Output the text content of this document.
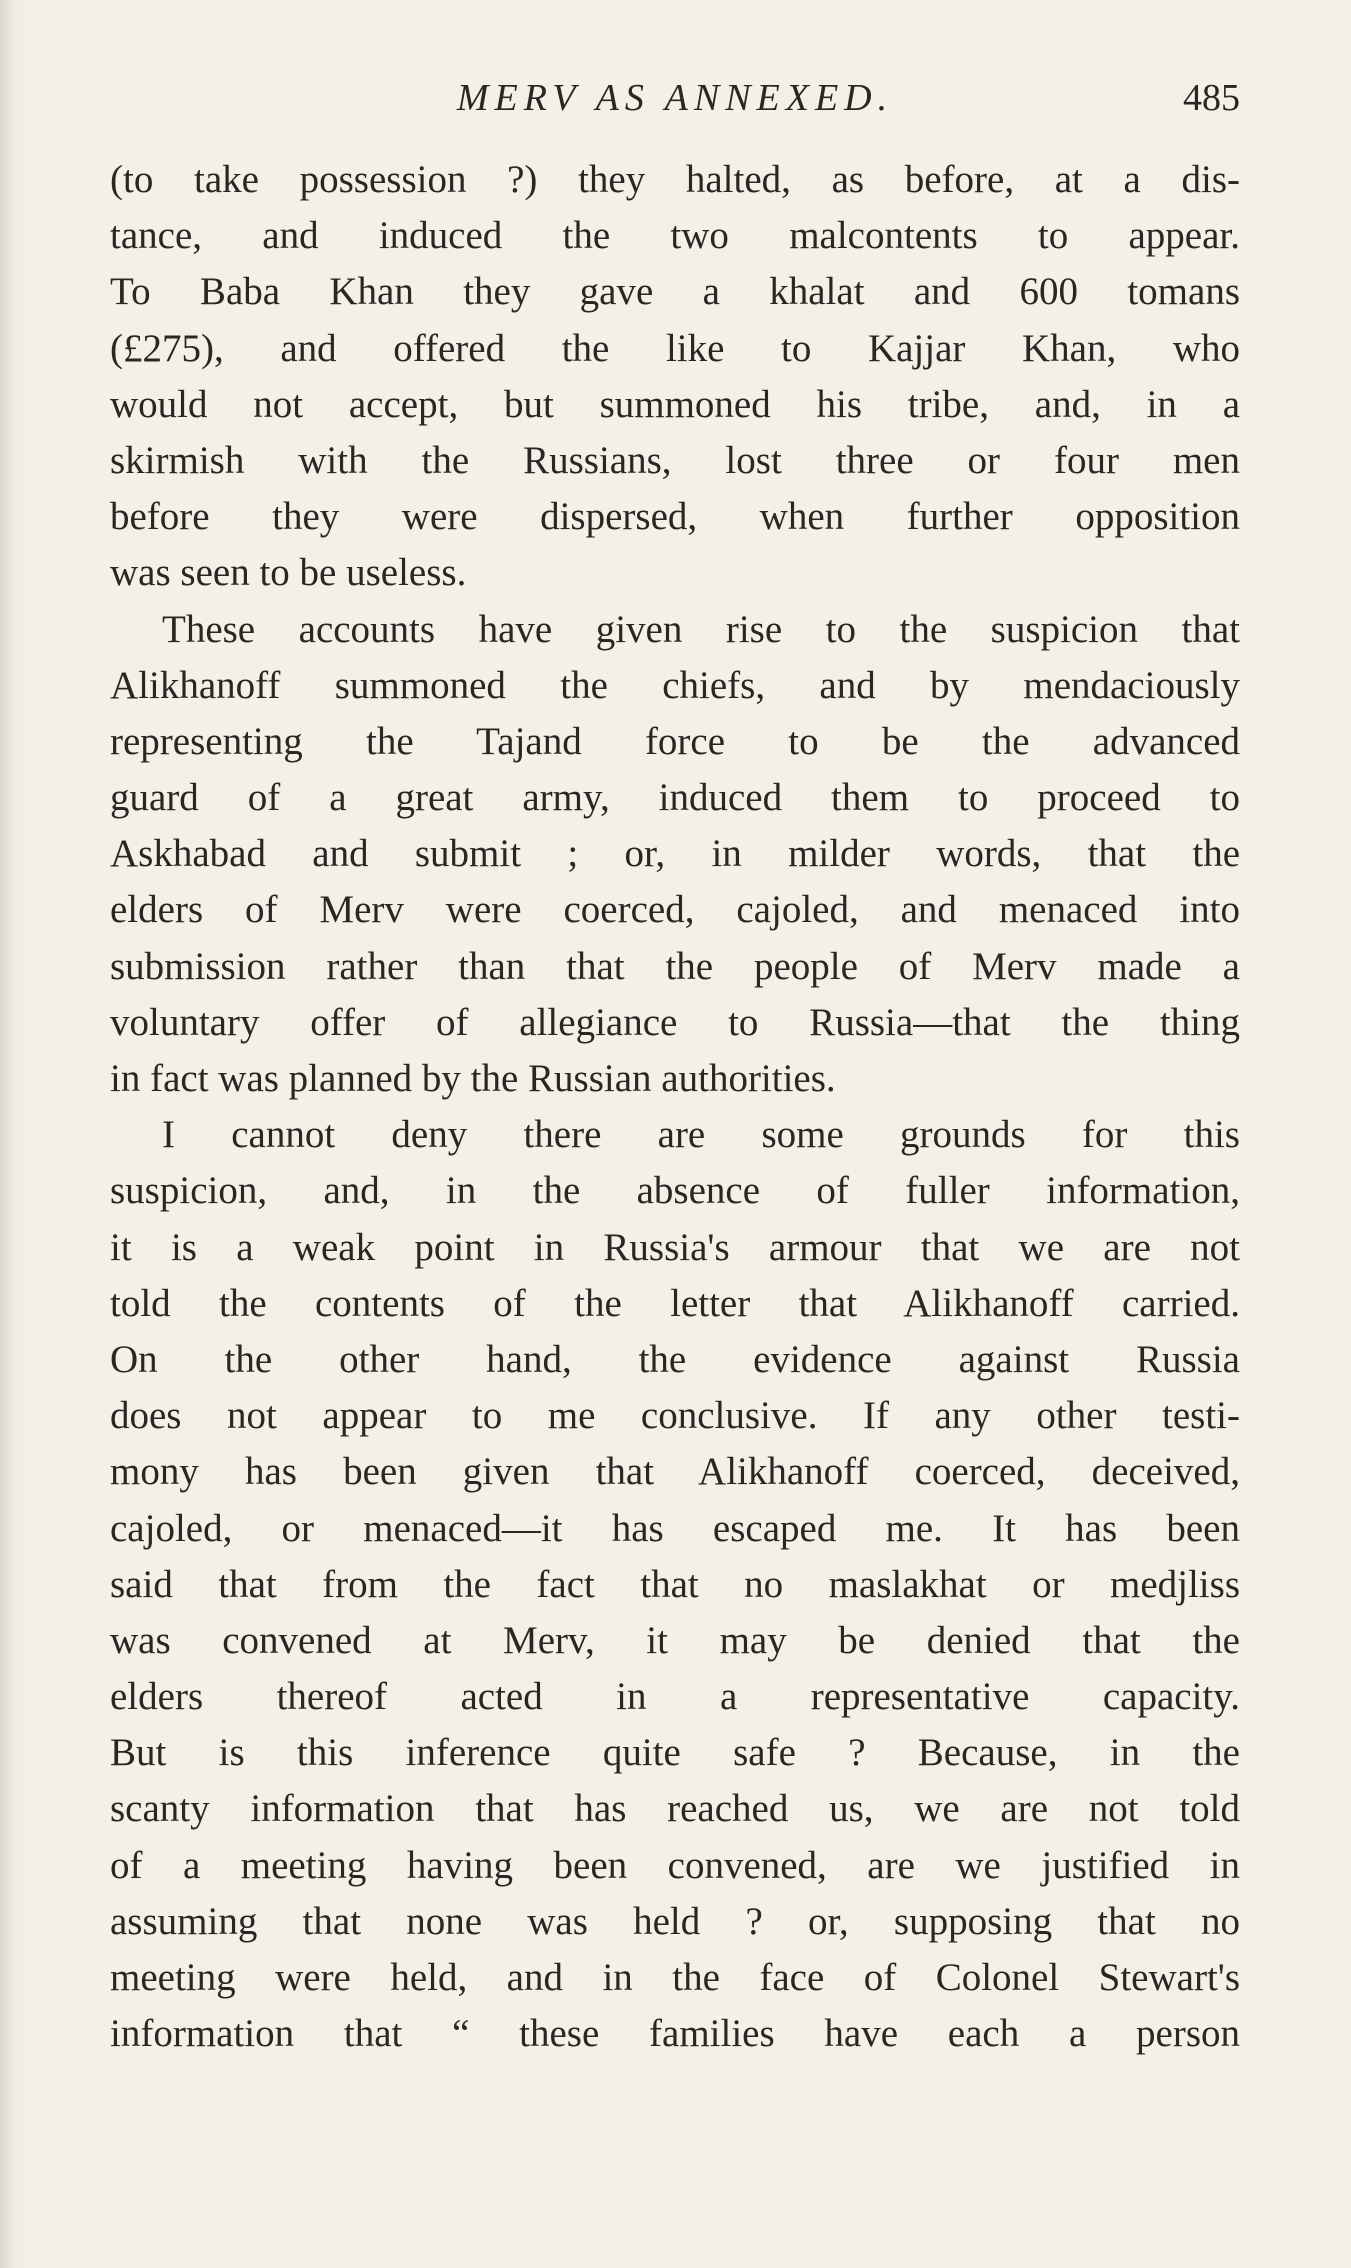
MERV AS ANNEXED.	485
(to take possession ?) they halted, as before, at a dis-
tance, and induced the two malcontents to appear.
To Baba Khan they gave a khalat and 600 tomans
(£275), and offered the like to Kajjar Khan, who
would not accept, but summoned his tribe, and, in a
skirmish with the Russians, lost three or four men
before they were dispersed, when further opposition
was seen to be useless.
These accounts have given rise to the suspicion that
Alikhanoff summoned the chiefs, and by mendaciously
representing the Tajand force to be the advanced
guard of a great army, induced them to proceed to
Askhabad and submit ; or, in milder words, that the
elders of Merv were coerced, cajoled, and menaced into
submission rather than that the people of Merv made a
voluntary offer of allegiance to Russia—that the thing
in fact was planned by the Russian authorities.
I cannot deny there are some grounds for this
suspicion, and, in the absence of fuller information,
it is a weak point in Russia's armour that we are not
told the contents of the letter that Alikhanoff carried.
On the other hand, the evidence against Russia
does not appear to me conclusive. If any other testi-
mony has been given that Alikhanoff coerced, deceived,
cajoled, or menaced—it has escaped me. It has been
said that from the fact that no maslakhat or medjliss
was convened at Merv, it may be denied that the
elders thereof acted in a representative capacity.
But is this inference quite safe ? Because, in the
scanty information that has reached us, we are not told
of a meeting having been convened, are we justified in
assuming that none was held ? or, supposing that no
meeting were held, and in the face of Colonel Stewart's
information that “ these families have each a person
